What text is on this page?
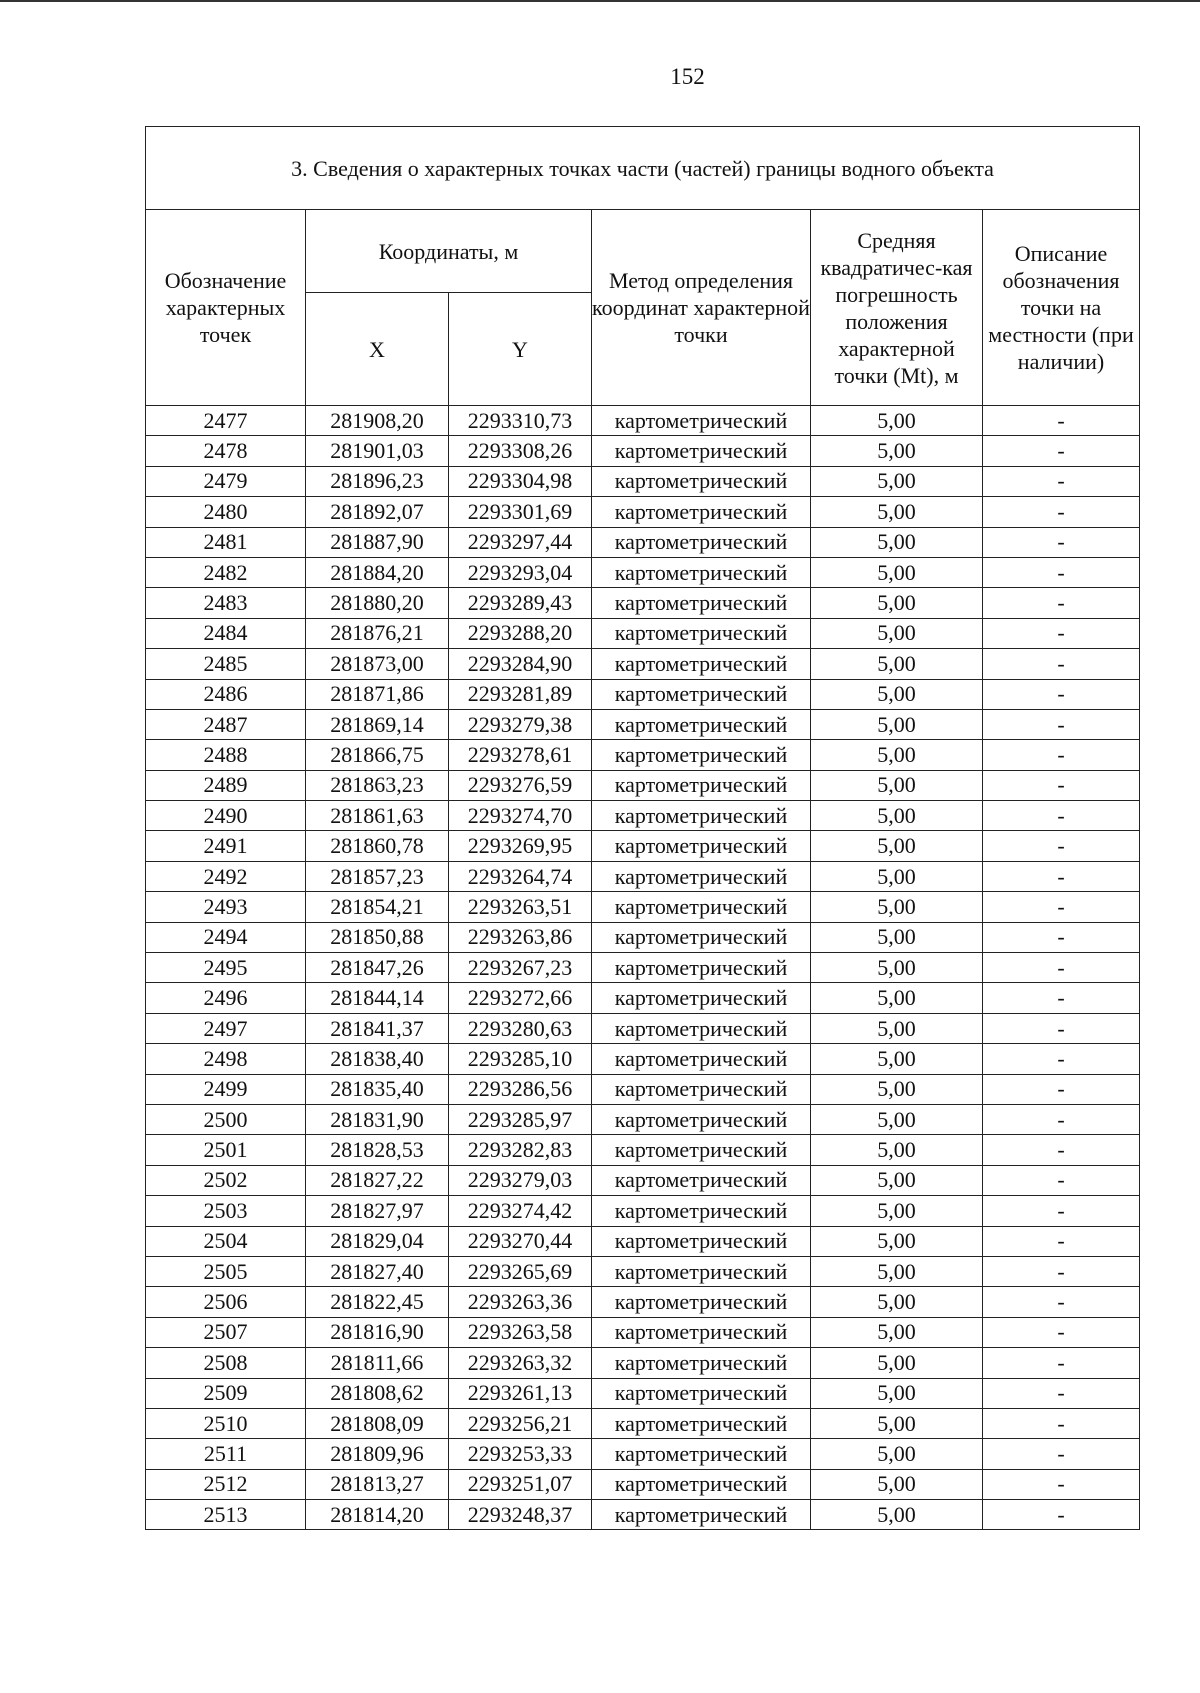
152
3. Сведения о характерных точках части (частей) границы водного объекта					
Обозначение характерных точек	Координаты, м		Метод определения координат характерной точки	Средняя квадратичес-кая погрешность положения характерной точки (Mt), м	Описание обозначения точки на местности (при наличии)
	X	Y			
2477	281908,20	2293310,73	картометрический	5,00	-
2478	281901,03	2293308,26	картометрический	5,00	-
2479	281896,23	2293304,98	картометрический	5,00	-
2480	281892,07	2293301,69	картометрический	5,00	-
2481	281887,90	2293297,44	картометрический	5,00	-
2482	281884,20	2293293,04	картометрический	5,00	-
2483	281880,20	2293289,43	картометрический	5,00	-
2484	281876,21	2293288,20	картометрический	5,00	-
2485	281873,00	2293284,90	картометрический	5,00	-
2486	281871,86	2293281,89	картометрический	5,00	-
2487	281869,14	2293279,38	картометрический	5,00	-
2488	281866,75	2293278,61	картометрический	5,00	-
2489	281863,23	2293276,59	картометрический	5,00	-
2490	281861,63	2293274,70	картометрический	5,00	-
2491	281860,78	2293269,95	картометрический	5,00	-
2492	281857,23	2293264,74	картометрический	5,00	-
2493	281854,21	2293263,51	картометрический	5,00	-
2494	281850,88	2293263,86	картометрический	5,00	-
2495	281847,26	2293267,23	картометрический	5,00	-
2496	281844,14	2293272,66	картометрический	5,00	-
2497	281841,37	2293280,63	картометрический	5,00	-
2498	281838,40	2293285,10	картометрический	5,00	-
2499	281835,40	2293286,56	картометрический	5,00	-
2500	281831,90	2293285,97	картометрический	5,00	-
2501	281828,53	2293282,83	картометрический	5,00	-
2502	281827,22	2293279,03	картометрический	5,00	-
2503	281827,97	2293274,42	картометрический	5,00	-
2504	281829,04	2293270,44	картометрический	5,00	-
2505	281827,40	2293265,69	картометрический	5,00	-
2506	281822,45	2293263,36	картометрический	5,00	-
2507	281816,90	2293263,58	картометрический	5,00	-
2508	281811,66	2293263,32	картометрический	5,00	-
2509	281808,62	2293261,13	картометрический	5,00	-
2510	281808,09	2293256,21	картометрический	5,00	-
2511	281809,96	2293253,33	картометрический	5,00	-
2512	281813,27	2293251,07	картометрический	5,00	-
2513	281814,20	2293248,37	картометрический	5,00	-
